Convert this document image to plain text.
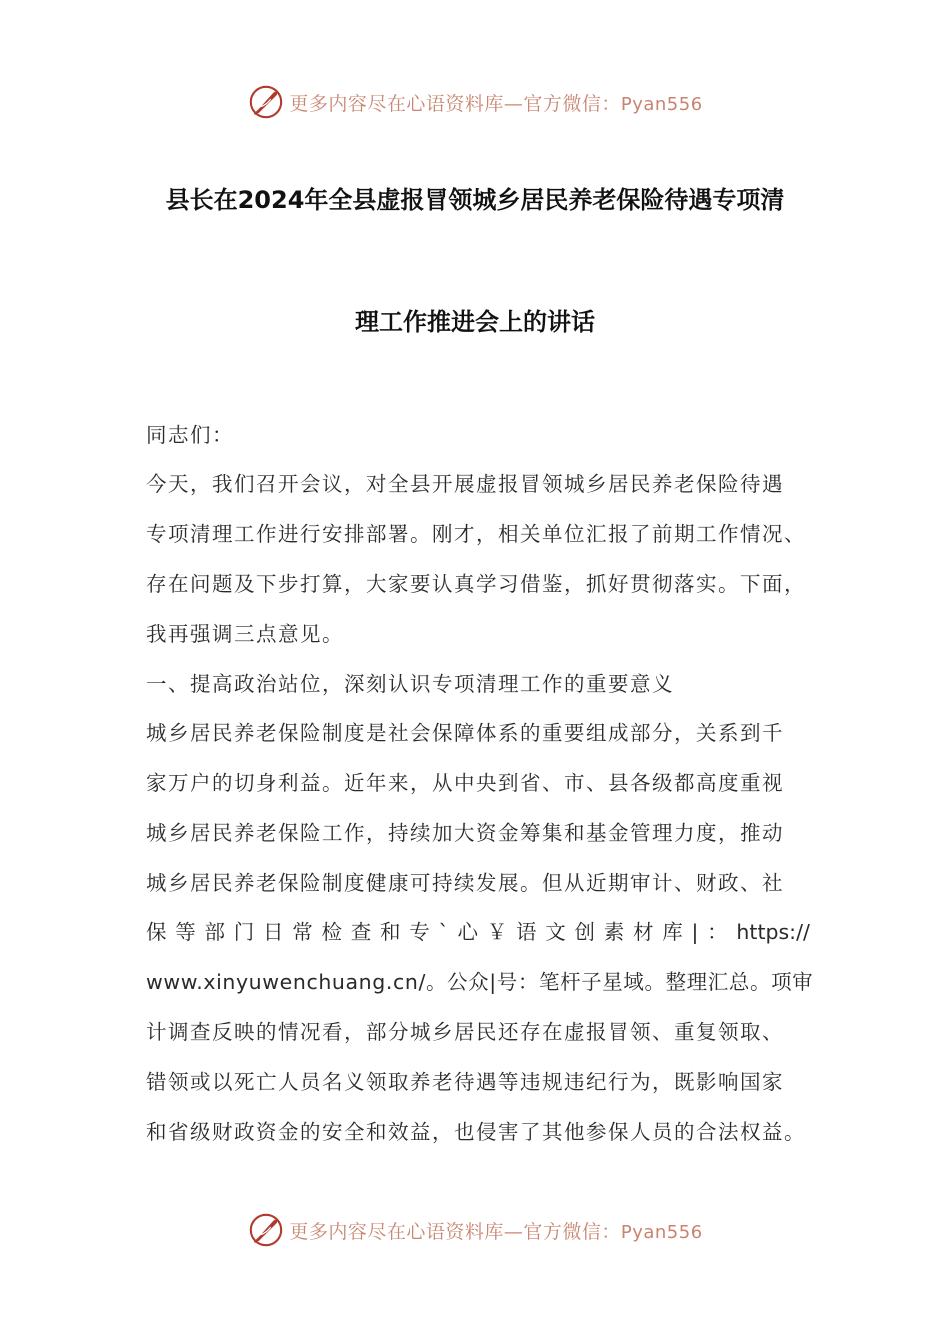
更多内容尽在心语资料库—官方微信：Pyan556
县长在2024年全县虚报冒领城乡居民养老保险待遇专项清
理工作推进会上的讲话
同志们：
今天，我们召开会议，对全县开展虚报冒领城乡居民养老保险待遇
专项清理工作进行安排部署。刚才，相关单位汇报了前期工作情况、
存在问题及下步打算，大家要认真学习借鉴，抓好贯彻落实。下面，
我再强调三点意见。
一、提高政治站位，深刻认识专项清理工作的重要意义
城乡居民养老保险制度是社会保障体系的重要组成部分，关系到千
家万户的切身利益。近年来，从中央到省、市、县各级都高度重视
城乡居民养老保险工作，持续加大资金筹集和基金管理力度，推动
城乡居民养老保险制度健康可持续发展。但从近期审计、财政、社
保 等 部 门 日 常 检 查 和 专 ` 心 ￥ 语 文 创 素 材 库 | ： https://
www.xinyuwenchuang.cn/。公众|号：笔杆子星域。整理汇总。项审
计调查反映的情况看，部分城乡居民还存在虚报冒领、重复领取、
错领或以死亡人员名义领取养老待遇等违规违纪行为，既影响国家
和省级财政资金的安全和效益，也侵害了其他参保人员的合法权益。
更多内容尽在心语资料库—官方微信：Pyan556
